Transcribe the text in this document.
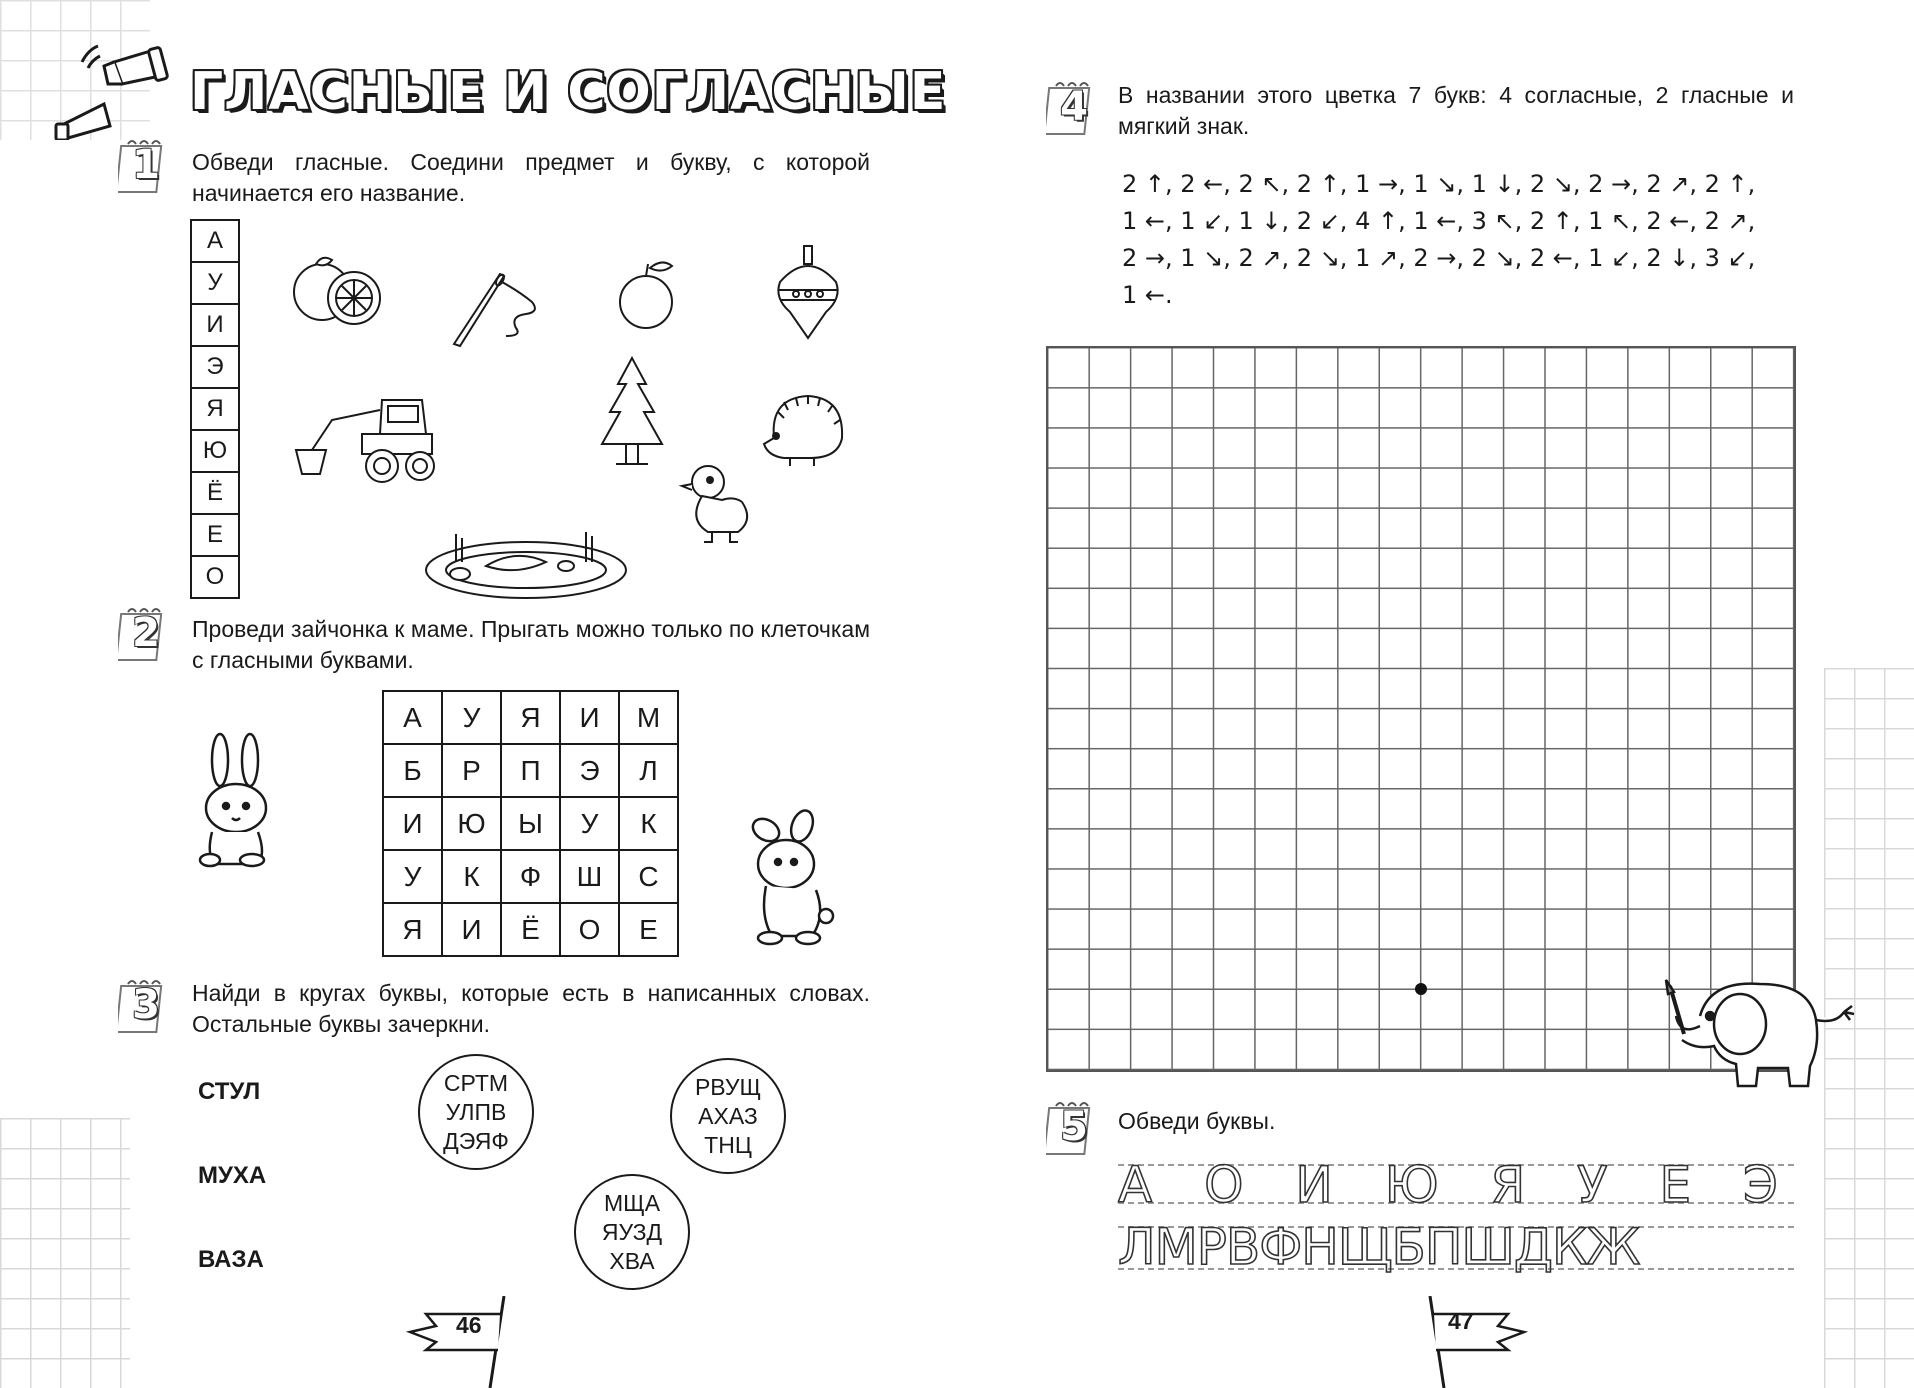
ГЛАСНЫЕ И СОГЛАСНЫЕ
1 Обведи гласные. Соедини предмет и букву, с которой начинается его название.
А
У
И
Э
Я
Ю
Ё
Е
О
2 Проведи зайчонка к маме. Прыгать можно только по клеточкам с гласными буквами.
А	У	Я	И	М
Б	Р	П	Э	Л
И	Ю	Ы	У	К
У	К	Ф	Ш	С
Я	И	Ё	О	Е
3 Найди в кругах буквы, которые есть в написанных словах. Остальные буквы зачеркни.
СТУЛ
МУХА
ВАЗА
СРТМ
УЛПВ
ДЭЯФ
РВУЩ
АХАЗ
ТНЦ
МЩА
ЯУЗД
ХВА
46	47
4 В названии этого цветка 7 букв: 4 согласные, 2 гласные и мягкий знак.
2 ↑, 2 ←, 2 ↖, 2 ↑, 1 →, 1 ↘, 1 ↓, 2 ↘, 2 →, 2 ↗, 2 ↑,
1 ←, 1 ↙, 1 ↓, 2 ↙, 4 ↑, 1 ←, 3 ↖, 2 ↑, 1 ↖, 2 ←, 2 ↗,
2 →, 1 ↘, 2 ↗, 2 ↘, 1 ↗, 2 →, 2 ↘, 2 ←, 1 ↙, 2 ↓, 3 ↙,
1 ←.
5 Обведи буквы.
А О И Ю Я У Е Э
ЛМРВФНЩБПШДКЖ
